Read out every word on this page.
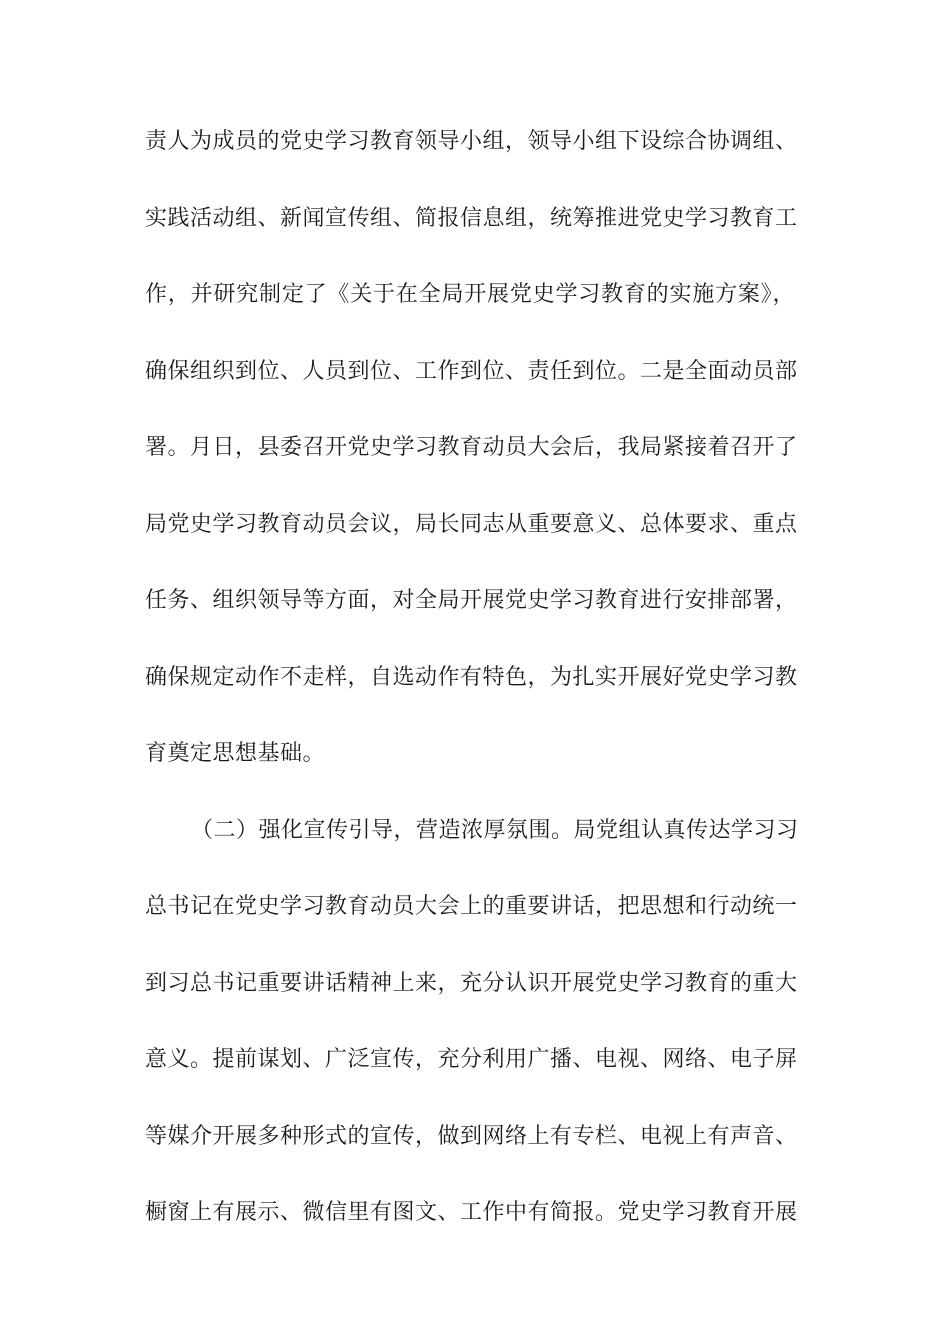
责人为成员的党史学习教育领导小组，领导小组下设综合协调组、
实践活动组、新闻宣传组、简报信息组，统筹推进党史学习教育工
作，并研究制定了《关于在全局开展党史学习教育的实施方案》，
确保组织到位、人员到位、工作到位、责任到位。二是全面动员部
署。月日，县委召开党史学习教育动员大会后，我局紧接着召开了
局党史学习教育动员会议，局长同志从重要意义、总体要求、重点
任务、组织领导等方面，对全局开展党史学习教育进行安排部署，
确保规定动作不走样，自选动作有特色，为扎实开展好党史学习教
育奠定思想基础。
（二）强化宣传引导，营造浓厚氛围。局党组认真传达学习习
总书记在党史学习教育动员大会上的重要讲话，把思想和行动统一
到习总书记重要讲话精神上来，充分认识开展党史学习教育的重大
意义。提前谋划、广泛宣传，充分利用广播、电视、网络、电子屏
等媒介开展多种形式的宣传，做到网络上有专栏、电视上有声音、
橱窗上有展示、微信里有图文、工作中有简报。党史学习教育开展
